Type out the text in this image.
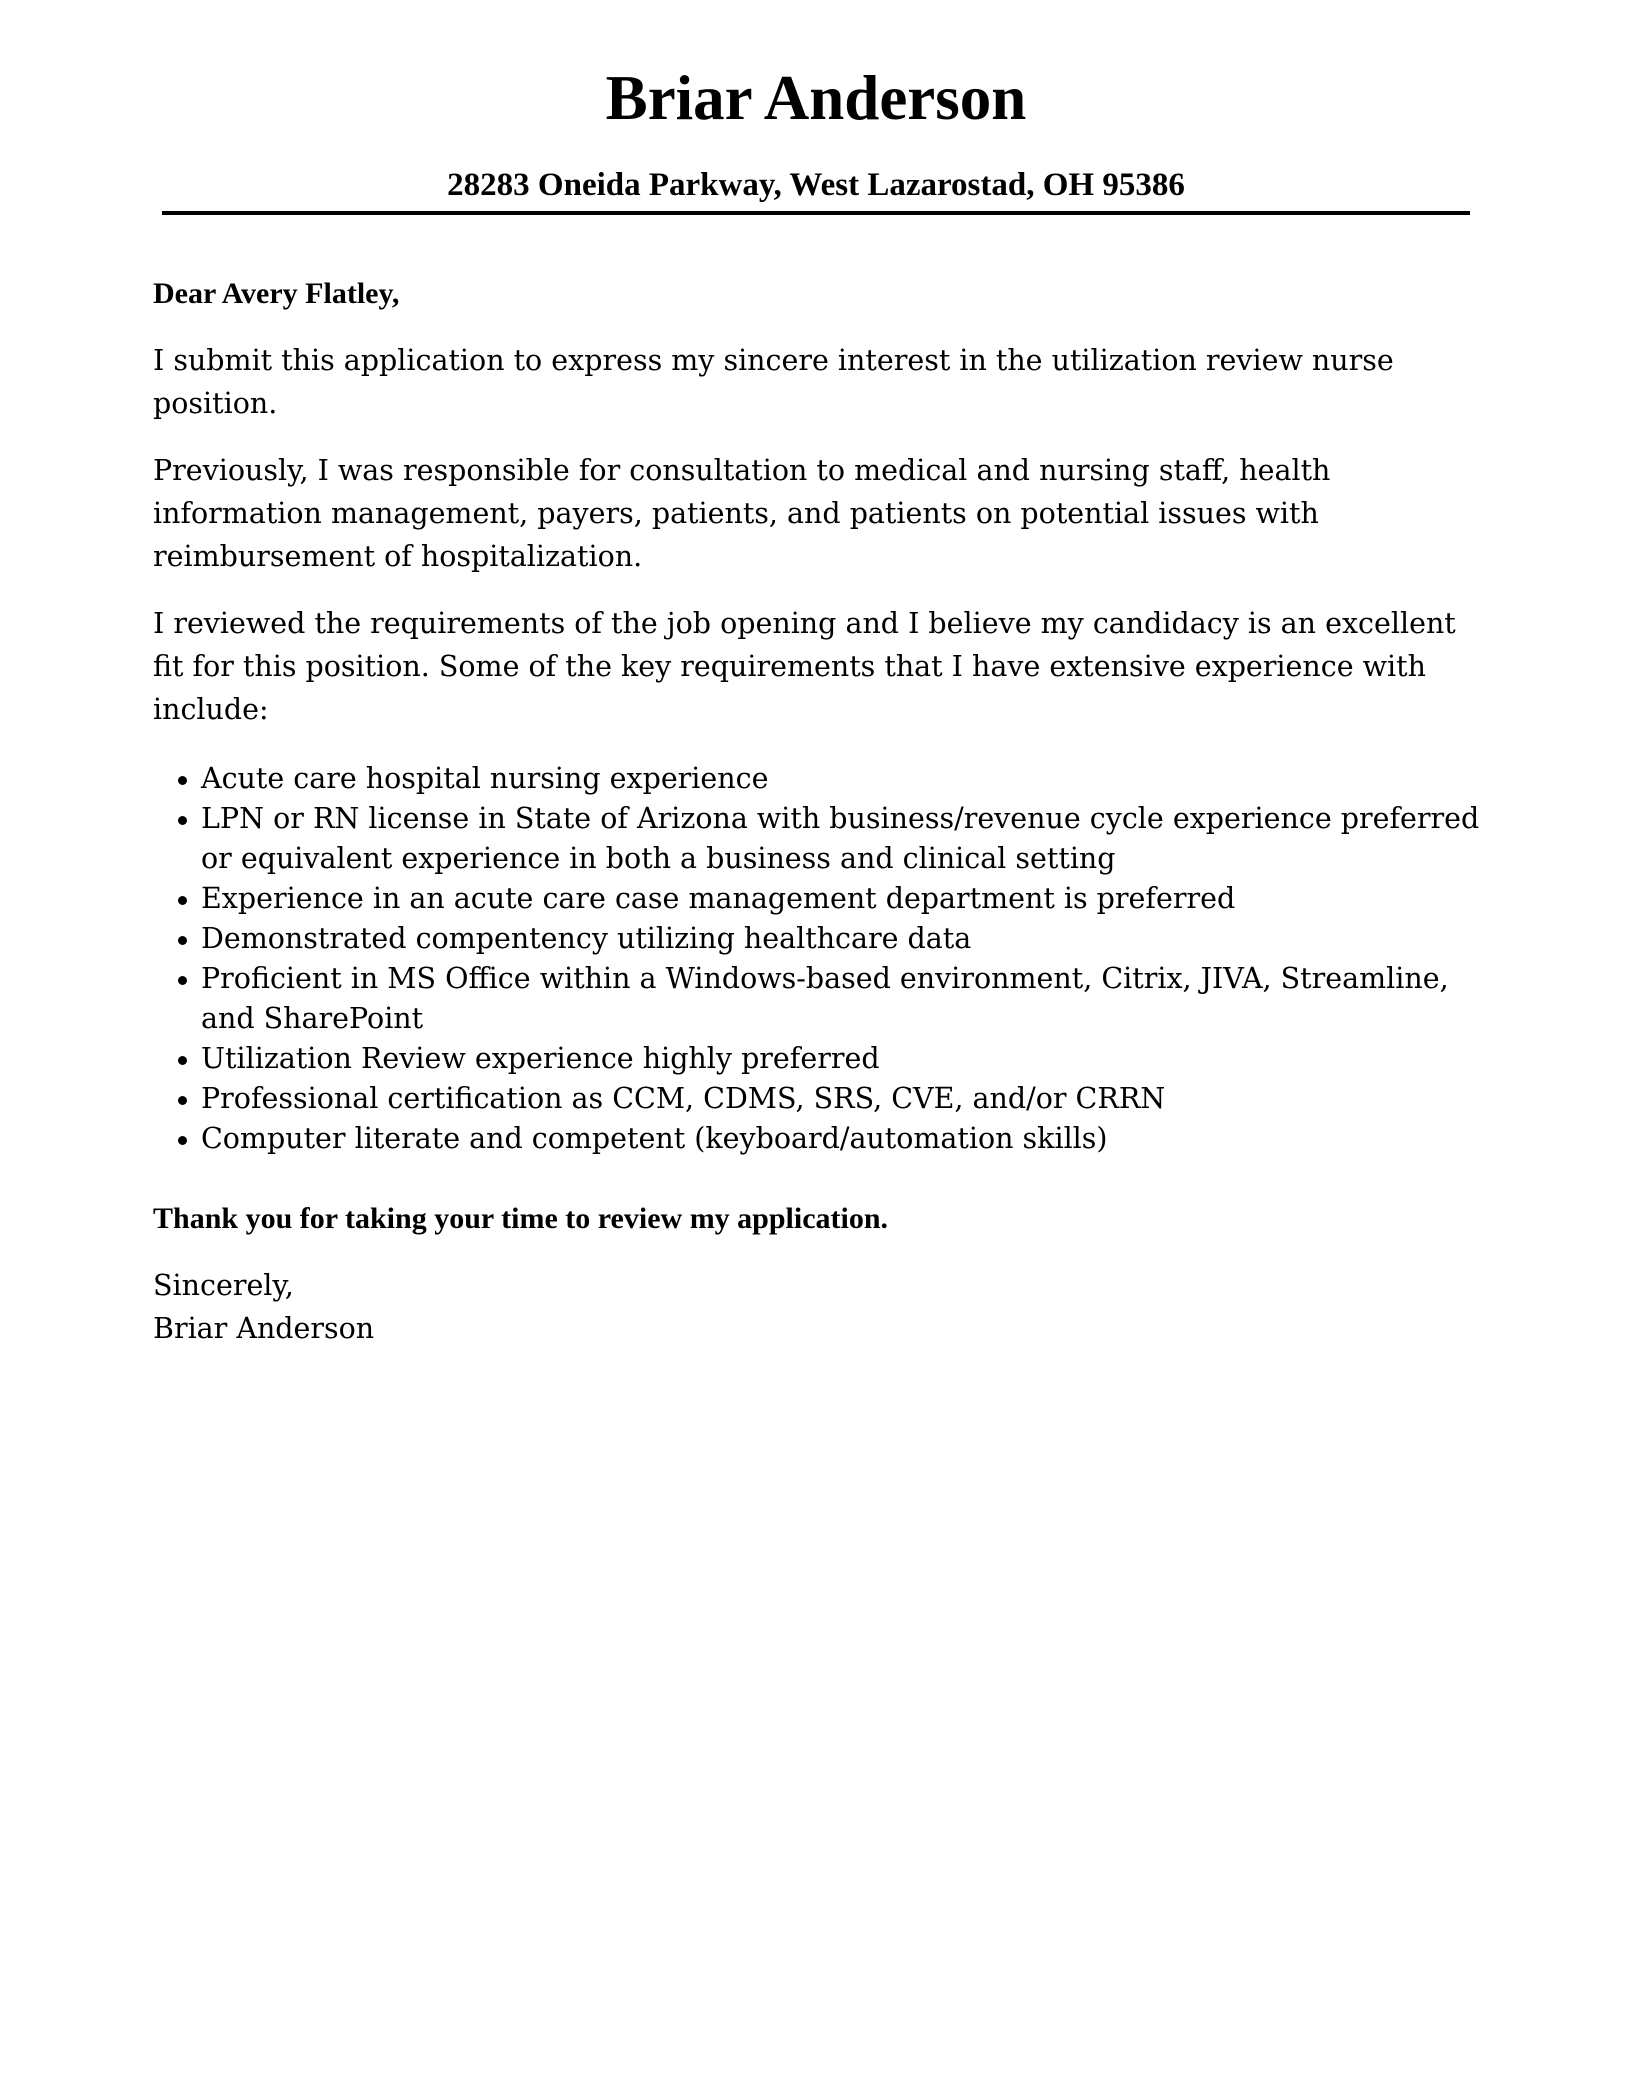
Briar Anderson
28283 Oneida Parkway, West Lazarostad, OH 95386

Dear Avery Flatley,

I submit this application to express my sincere interest in the utilization review nurse position.

Previously, I was responsible for consultation to medical and nursing staff, health information management, payers, patients, and patients on potential issues with reimbursement of hospitalization.

I reviewed the requirements of the job opening and I believe my candidacy is an excellent fit for this position. Some of the key requirements that I have extensive experience with include:

Acute care hospital nursing experience
LPN or RN license in State of Arizona with business/revenue cycle experience preferred or equivalent experience in both a business and clinical setting
Experience in an acute care case management department is preferred
Demonstrated compentency utilizing healthcare data
Proficient in MS Office within a Windows-based environment, Citrix, JIVA, Streamline, and SharePoint
Utilization Review experience highly preferred
Professional certification as CCM, CDMS, SRS, CVE, and/or CRRN
Computer literate and competent (keyboard/automation skills)

Thank you for taking your time to review my application.

Sincerely,

Briar Anderson
